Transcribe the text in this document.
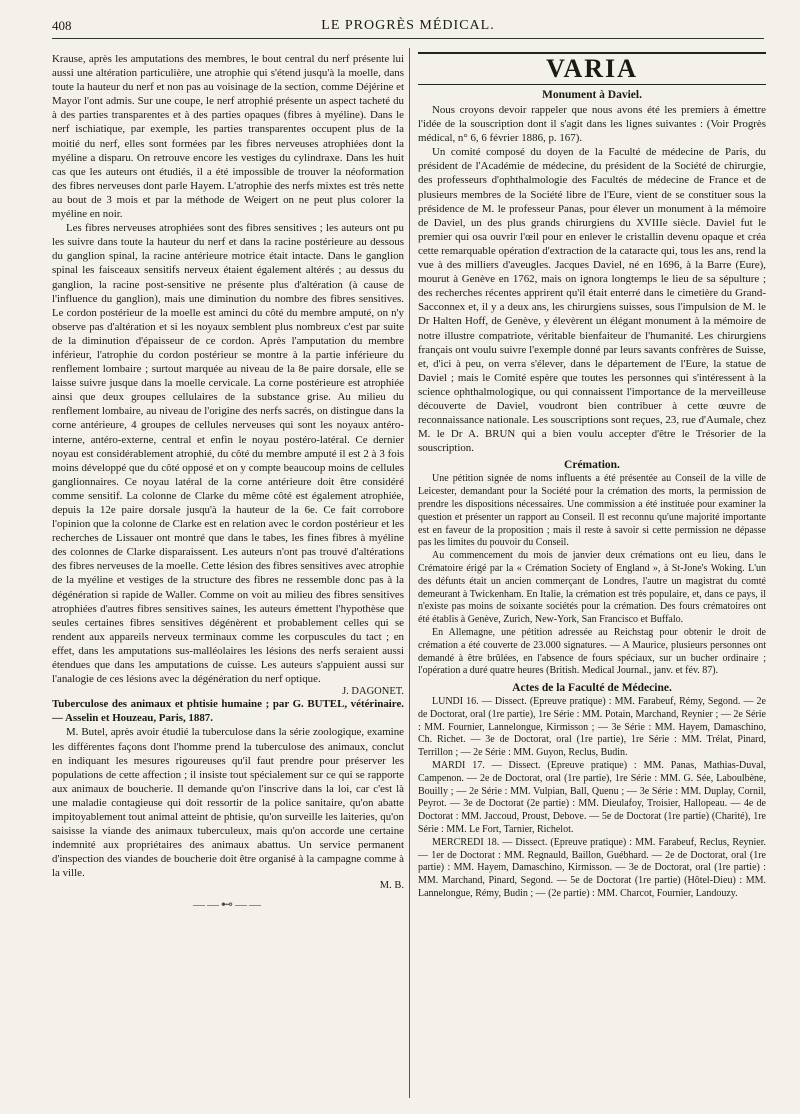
408	LE PROGRÈS MÉDICAL.

Krause, après les amputations des membres, le bout central du nerf présente lui aussi une altération particulière, une atrophie qui s'étend jusqu'à la moelle, dans toute la hauteur du nerf et non pas au voisinage de la section, comme Déjérine et Mayor l'ont admis. Sur une coupe, le nerf atrophié présente un aspect tacheté du à des parties transparentes et à des parties opaques (fibres à myéline). Dans le nerf ischiatique, par exemple, les parties transparentes occupent plus de la moitié du nerf, elles sont formées par les fibres nerveuses atrophiées dont la myéline a disparu. On retrouve encore les vestiges du cylindraxe. Dans les huit cas que les auteurs ont étudiés, il a été impossible de trouver la néoformation des fibres nerveuses dont parle Hayem. L'atrophie des nerfs mixtes est très nette au bout de 3 mois et par la méthode de Weigert on ne peut plus colorer la myéline en noir.

Les fibres nerveuses atrophiées sont des fibres sensitives ; les auteurs ont pu les suivre dans toute la hauteur du nerf et dans la racine postérieure au dessous du ganglion spinal, la racine antérieure motrice était intacte. Dans le ganglion spinal les faisceaux sensitifs nerveux étaient également altérés ; au dessus du ganglion, la racine post-sensitive ne présente plus d'altération (à cause de l'influence du ganglion), mais une diminution du nombre des fibres sensitives. Le cordon postérieur de la moelle est aminci du côté du membre amputé, on n'y observe pas d'altération et si les noyaux semblent plus nombreux c'est par suite de la diminution d'épaisseur de ce cordon. Après l'amputation du membre inférieur, l'atrophie du cordon postérieur se montre à la partie inférieure du renflement lombaire ; surtout marquée au niveau de la 8e paire dorsale, elle se laisse suivre jusque dans la moelle cervicale. La corne postérieure est atrophiée ainsi que deux groupes cellulaires de la substance grise. Au milieu du renflement lombaire, au niveau de l'origine des nerfs sacrés, on distingue dans la corne antérieure, 4 groupes de cellules nerveuses qui sont les noyaux antéro-interne, antéro-externe, central et enfin le noyau postéro-latéral. Ce dernier noyau est considérablement atrophié, du côté du membre amputé il est 2 à 3 fois moins développé que du côté opposé et on y compte beaucoup moins de cellules ganglionnaires. Ce noyau latéral de la corne antérieure doit être considéré comme sensitif. La colonne de Clarke du même côté est également atrophiée, depuis la 12e paire dorsale jusqu'à la hauteur de la 6e. Ce fait corrobore l'opinion que la colonne de Clarke est en relation avec le cordon postérieur et les recherches de Lissauer ont montré que dans le tabes, les fines fibres à myéline des colonnes de Clarke disparaissent. Les auteurs n'ont pas trouvé d'altérations des fibres nerveuses de la moelle. Cette lésion des fibres sensitives avec atrophie de la myéline et vestiges de la structure des fibres ne ressemble donc pas à la dégénération si rapide de Waller. Comme on voit au milieu des fibres sensitives atrophiées d'autres fibres sensitives saines, les auteurs émettent l'hypothèse que seules certaines fibres sensitives dégénèrent et probablement celles qui se rendent aux appareils nerveux terminaux comme les corpuscules du tact ; en effet, dans les amputations sus-malléolaires les lésions des nerfs seraient aussi étendues que dans les amputations de cuisse. Les auteurs s'appuient aussi sur l'analogie de ces lésions avec la dégénération du nerf optique.

J. DAGONET.

Tuberculose des animaux et phtisie humaine ; par G. BUTEL, vétérinaire. — Asselin et Houzeau, Paris, 1887.

M. Butel, après avoir étudié la tuberculose dans la série zoologique, examine les différentes façons dont l'homme prend la tuberculose des animaux, conclut en indiquant les mesures rigoureuses qu'il faut prendre pour préserver les populations de cette affection ; il insiste tout spécialement sur ce qui se rapporte aux animaux de boucherie. Il demande qu'on l'inscrive dans la loi, car c'est là une maladie contagieuse qui doit ressortir de la police sanitaire, qu'on abatte impitoyablement tout animal atteint de phtisie, qu'on surveille les laiteries, qu'on saisisse la viande des animaux tuberculeux, mais qu'on accorde une certaine indemnité aux propriétaires des animaux abattus. Un service permanent d'inspection des viandes de boucherie doit être organisé à la campagne comme à la ville.

M. B.
——⊷——
VARIA
Monument à Daviel.

Nous croyons devoir rappeler que nous avons été les premiers à émettre l'idée de la souscription dont il s'agit dans les lignes suivantes : (Voir Progrès médical, n° 6, 6 février 1886, p. 167).

Un comité composé du doyen de la Faculté de médecine de Paris, du président de l'Académie de médecine, du président de la Société de chirurgie, des professeurs d'ophthalmologie des Facultés de médecine de France et de plusieurs membres de la Société libre de l'Eure, vient de se constituer sous la présidence de M. le professeur Panas, pour élever un monument à la mémoire de Daviel, un des plus grands chirurgiens du XVIIIe siècle. Daviel fut le premier qui osa ouvrir l'œil pour en enlever le cristallin devenu opaque et créa cette remarquable opération d'extraction de la cataracte qui, tous les ans, rend la vue à des milliers d'aveugles. Jacques Daviel, né en 1696, à la Barre (Eure), mourut à Genève en 1762, mais on ignora longtemps le lieu de sa sépulture ; des recherches récentes apprirent qu'il était enterré dans le cimetière du Grand-Sacconnex et, il y a deux ans, les chirurgiens suisses, sous l'impulsion de M. le Dr Halten Hoff, de Genève, y élevèrent un élégant monument à la mémoire de notre illustre compatriote, véritable bienfaiteur de l'humanité. Les chirurgiens français ont voulu suivre l'exemple donné par leurs savants confrères de Suisse, et, d'ici à peu, on verra s'élever, dans le département de l'Eure, la statue de Daviel ; mais le Comité espère que toutes les personnes qui s'intéressent à la science ophthalmologique, ou qui connaissent l'importance de la merveilleuse découverte de Daviel, voudront bien contribuer à cette œuvre de reconnaissance nationale. Les souscriptions sont reçues, 23, rue d'Aumale, chez M. le Dr A. BRUN qui a bien voulu accepter d'être le Trésorier de la souscription.

Crémation.

Une pétition signée de noms influents a été présentée au Conseil de la ville de Leicester, demandant pour la Société pour la crémation des morts, la permission de prendre les dispositions nécessaires. Une commission a été instituée pour examiner la question et présenter un rapport au Conseil. Il est reconnu qu'une majorité importante est en faveur de la proposition ; mais il reste à savoir si cette permission ne dépasse pas les limites du pouvoir du Conseil.

Au commencement du mois de janvier deux crémations ont eu lieu, dans le Crématoire érigé par la « Crémation Society of England », à St-Jone's Woking. L'un des défunts était un ancien commerçant de Londres, l'autre un magistrat du comté demeurant à Twickenham. En Italie, la crémation est très populaire, et, dans ce pays, il n'existe pas moins de soixante sociétés pour la crémation. Des fours crématoires ont été établis à Genève, Zurich, New-York, San Francisco et Buffalo.

En Allemagne, une pétition adressée au Reichstag pour obtenir le droit de crémation a été couverte de 23.000 signatures. — A Maurice, plusieurs personnes ont demandé à être brûlées, en l'absence de fours spéciaux, sur un bucher ordinaire ; l'opération a duré quatre heures (British. Medical Journal., janv. et fév. 87).

Actes de la Faculté de Médecine.

LUNDI 16. — Dissect. (Epreuve pratique) : MM. Farabeuf, Rémy, Segond. — 2e de Doctorat, oral (1re partie), 1re Série : MM. Potain, Marchand, Reynier ; — 2e Série : MM. Fournier, Lannelongue, Kirmisson ; — 3e Série : MM. Hayem, Damaschino, Ch. Richet. — 3e de Doctorat, oral (1re partie), 1re Série : MM. Trélat, Pinard, Terrillon ; — 2e Série : MM. Guyon, Reclus, Budin.

MARDI 17. — Dissect. (Epreuve pratique) : MM. Panas, Mathias-Duval, Campenon. — 2e de Doctorat, oral (1re partie), 1re Série : MM. G. Sée, Laboulbène, Bouilly ; — 2e Série : MM. Vulpian, Ball, Quenu ; — 3e Série : MM. Duplay, Cornil, Peyrot. — 3e de Doctorat (2e partie) : MM. Dieulafoy, Troisier, Hallopeau. — 4e de Doctorat : MM. Jaccoud, Proust, Debove. — 5e de Doctorat (1re partie) (Charité), 1re Série : MM. Le Fort, Tarnier, Richelot.

MERCREDI 18. — Dissect. (Epreuve pratique) : MM. Farabeuf, Reclus, Reynier. — 1er de Doctorat : MM. Regnauld, Baillon, Guébhard. — 2e de Doctorat, oral (1re partie) : MM. Hayem, Damaschino, Kirmisson. — 3e de Doctorat, oral (1re partie) : MM. Marchand, Pinard, Segond. — 5e de Doctorat (1re partie) (Hôtel-Dieu) : MM. Lannelongue, Rémy, Budin ; — (2e partie) : MM. Charcot, Fournier, Landouzy.
